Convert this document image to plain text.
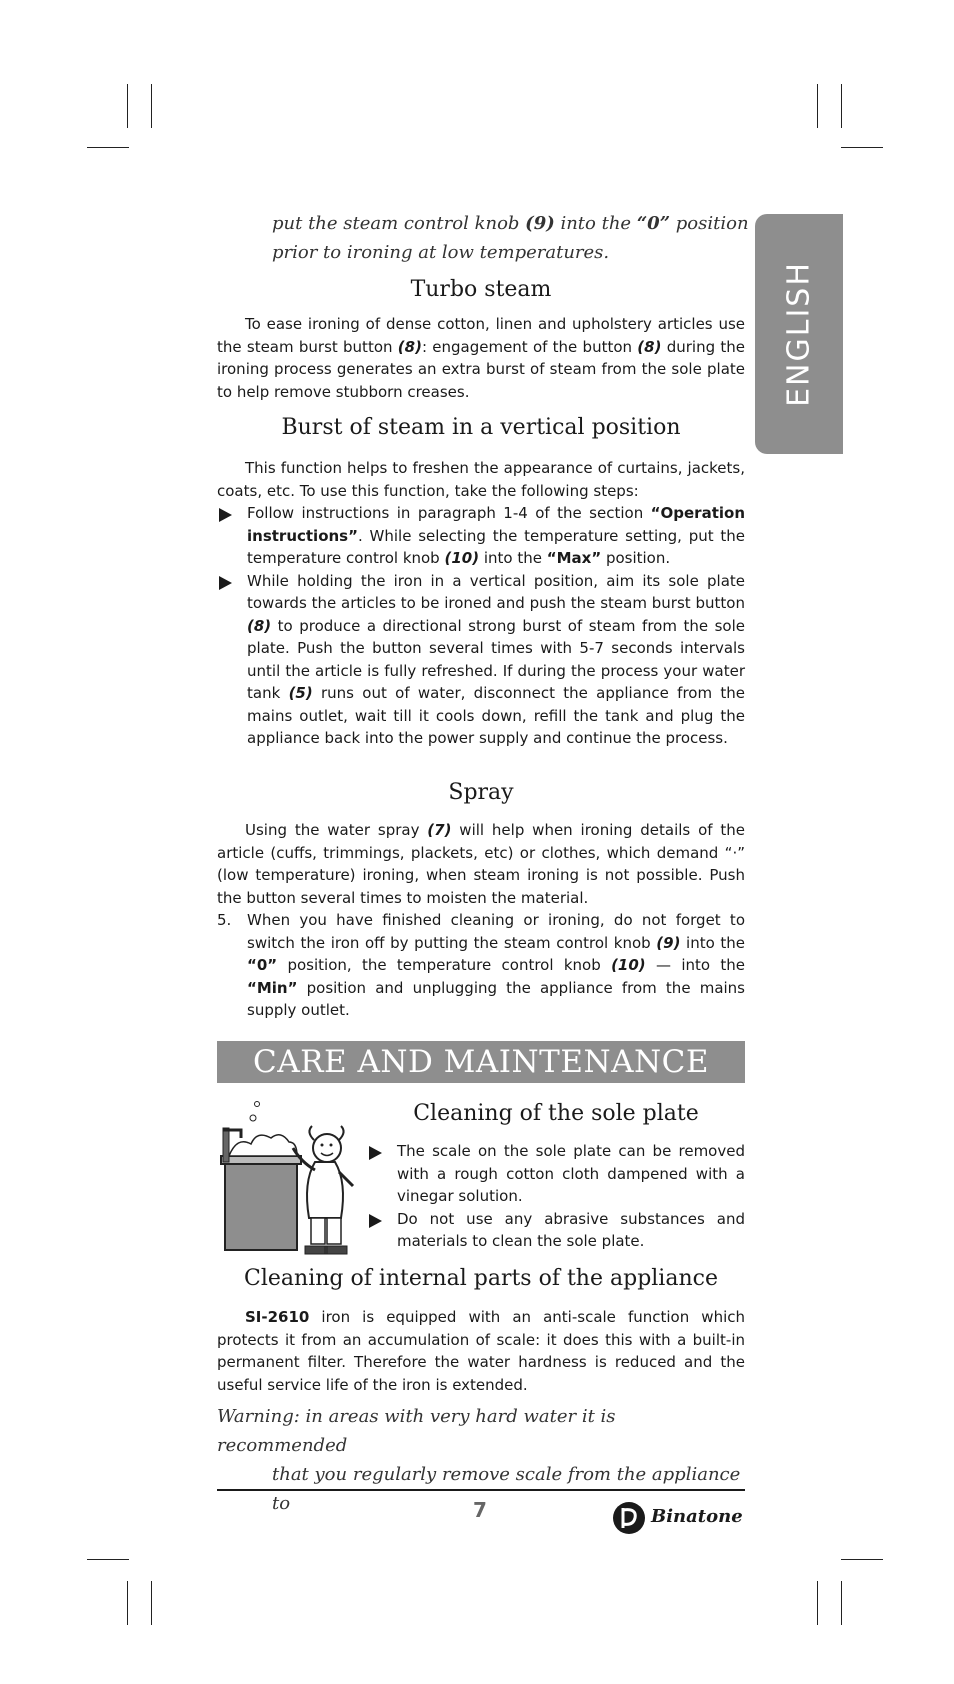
ENGLISH
put the steam control knob (9) into the “0” position
prior to ironing at low temperatures.
Turbo steam

To ease ironing of dense cotton, linen and upholstery articles use the steam burst button (8): engagement of the button (8) during the ironing process generates an extra burst of steam from the sole plate to help remove stubborn creases.

Burst of steam in a vertical position

This function helps to freshen the appearance of curtains, jackets, coats, etc. To use this function, take the following steps:

Follow instructions in paragraph 1-4 of the section “Operation instructions”. While selecting the temperature setting, put the temperature control knob (10) into the “Max” position.
While holding the iron in a vertical position, aim its sole plate towards the articles to be ironed and push the steam burst button (8) to produce a directional strong burst of steam from the sole plate. Push the button several times with 5-7 seconds intervals until the article is fully refreshed. If during the process your water tank (5) runs out of water, disconnect the appliance from the mains outlet, wait till it cools down, refill the tank and plug the appliance back into the power supply and continue the process.
Spray

Using the water spray (7) will help when ironing details of the article (cuffs, trimmings, plackets, etc) or clothes, which demand “·” (low temperature) ironing, when steam ironing is not possible. Push the button several times to moisten the material.

5. When you have finished cleaning or ironing, do not forget to switch the iron off by putting the steam control knob (9) into the “0” position, the temperature control knob (10) — into the “Min” position and unplugging the appliance from the mains supply outlet.
Cleaning of the sole plate
The scale on the sole plate can be removed with a rough cotton cloth dampened with a vinegar solution.
Do not use any abrasive substances and materials to clean the sole plate.
Cleaning of internal parts of the appliance

SI-2610 iron is equipped with an anti-scale function which protects it from an accumulation of scale: it does this with a built-in permanent filter. Therefore the water hardness is reduced and the useful service life of the iron is extended.

Warning: in areas with very hard water it is recommended
that you regularly remove scale from the appliance to
CARE AND MAINTENANCE
7	Binatone
